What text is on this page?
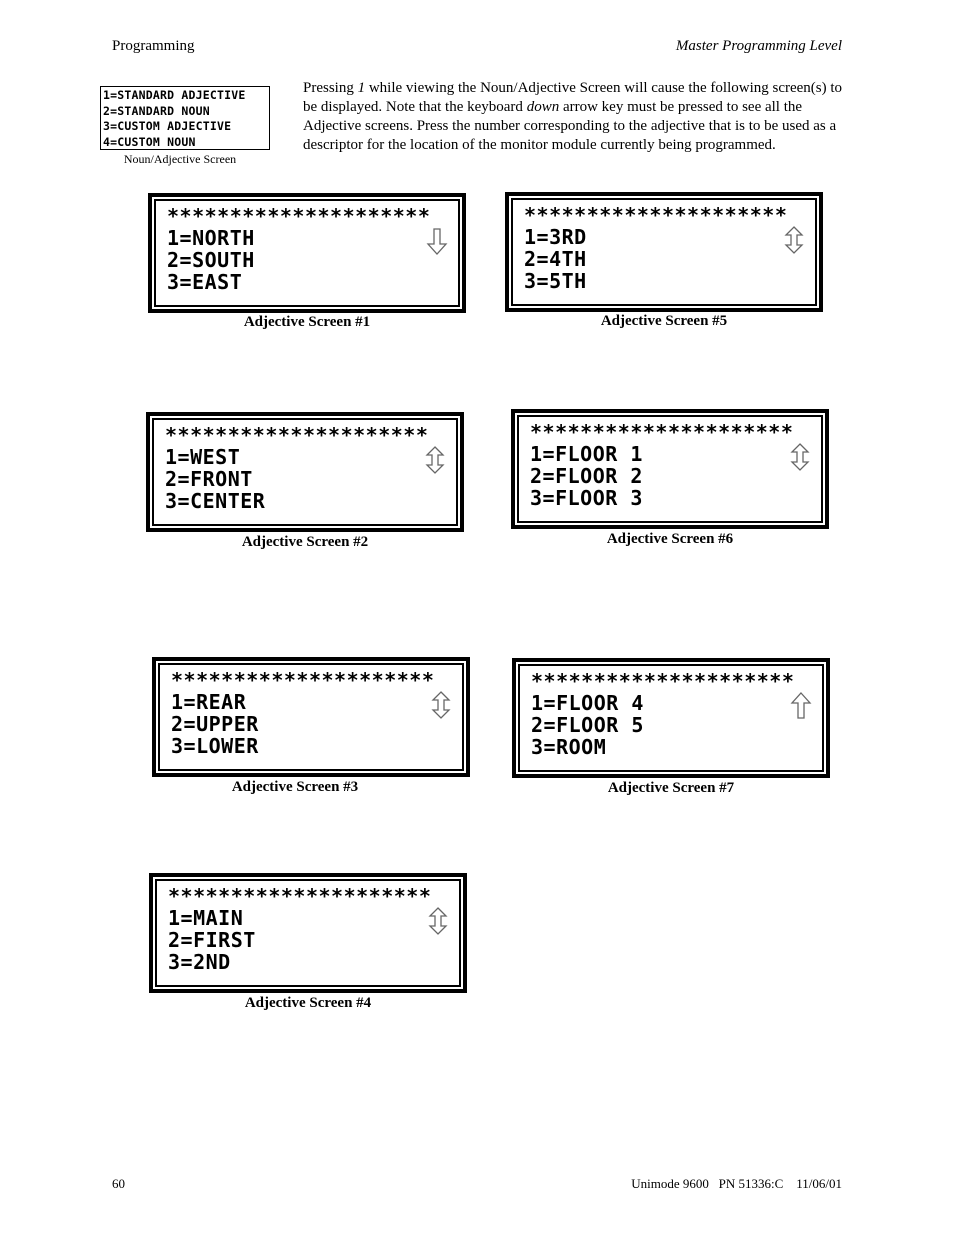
Programming	Master Programming Level
1=STANDARD ADJECTIVE
2=STANDARD NOUN
3=CUSTOM ADJECTIVE
4=CUSTOM NOUN
Noun/Adjective Screen
Pressing 1 while viewing the Noun/Adjective Screen will cause the following screen(s) to be displayed. Note that the keyboard down arrow key must be pressed to see all the Adjective screens. Press the number corresponding to the adjective that is to be used as a descriptor for the location of the monitor module currently being programmed.
*********************
1=NORTH
2=SOUTH
3=EAST
Adjective Screen #1
*********************
1=WEST
2=FRONT
3=CENTER
Adjective Screen #2
*********************
1=REAR
2=UPPER
3=LOWER
Adjective Screen #3
*********************
1=MAIN
2=FIRST
3=2ND
Adjective Screen #4
*********************
1=3RD
2=4TH
3=5TH
Adjective Screen #5
*********************
1=FLOOR 1
2=FLOOR 2
3=FLOOR 3
Adjective Screen #6
*********************
1=FLOOR 4
2=FLOOR 5
3=ROOM
Adjective Screen #7
60	Unimode 9600   PN 51336:C    11/06/01
